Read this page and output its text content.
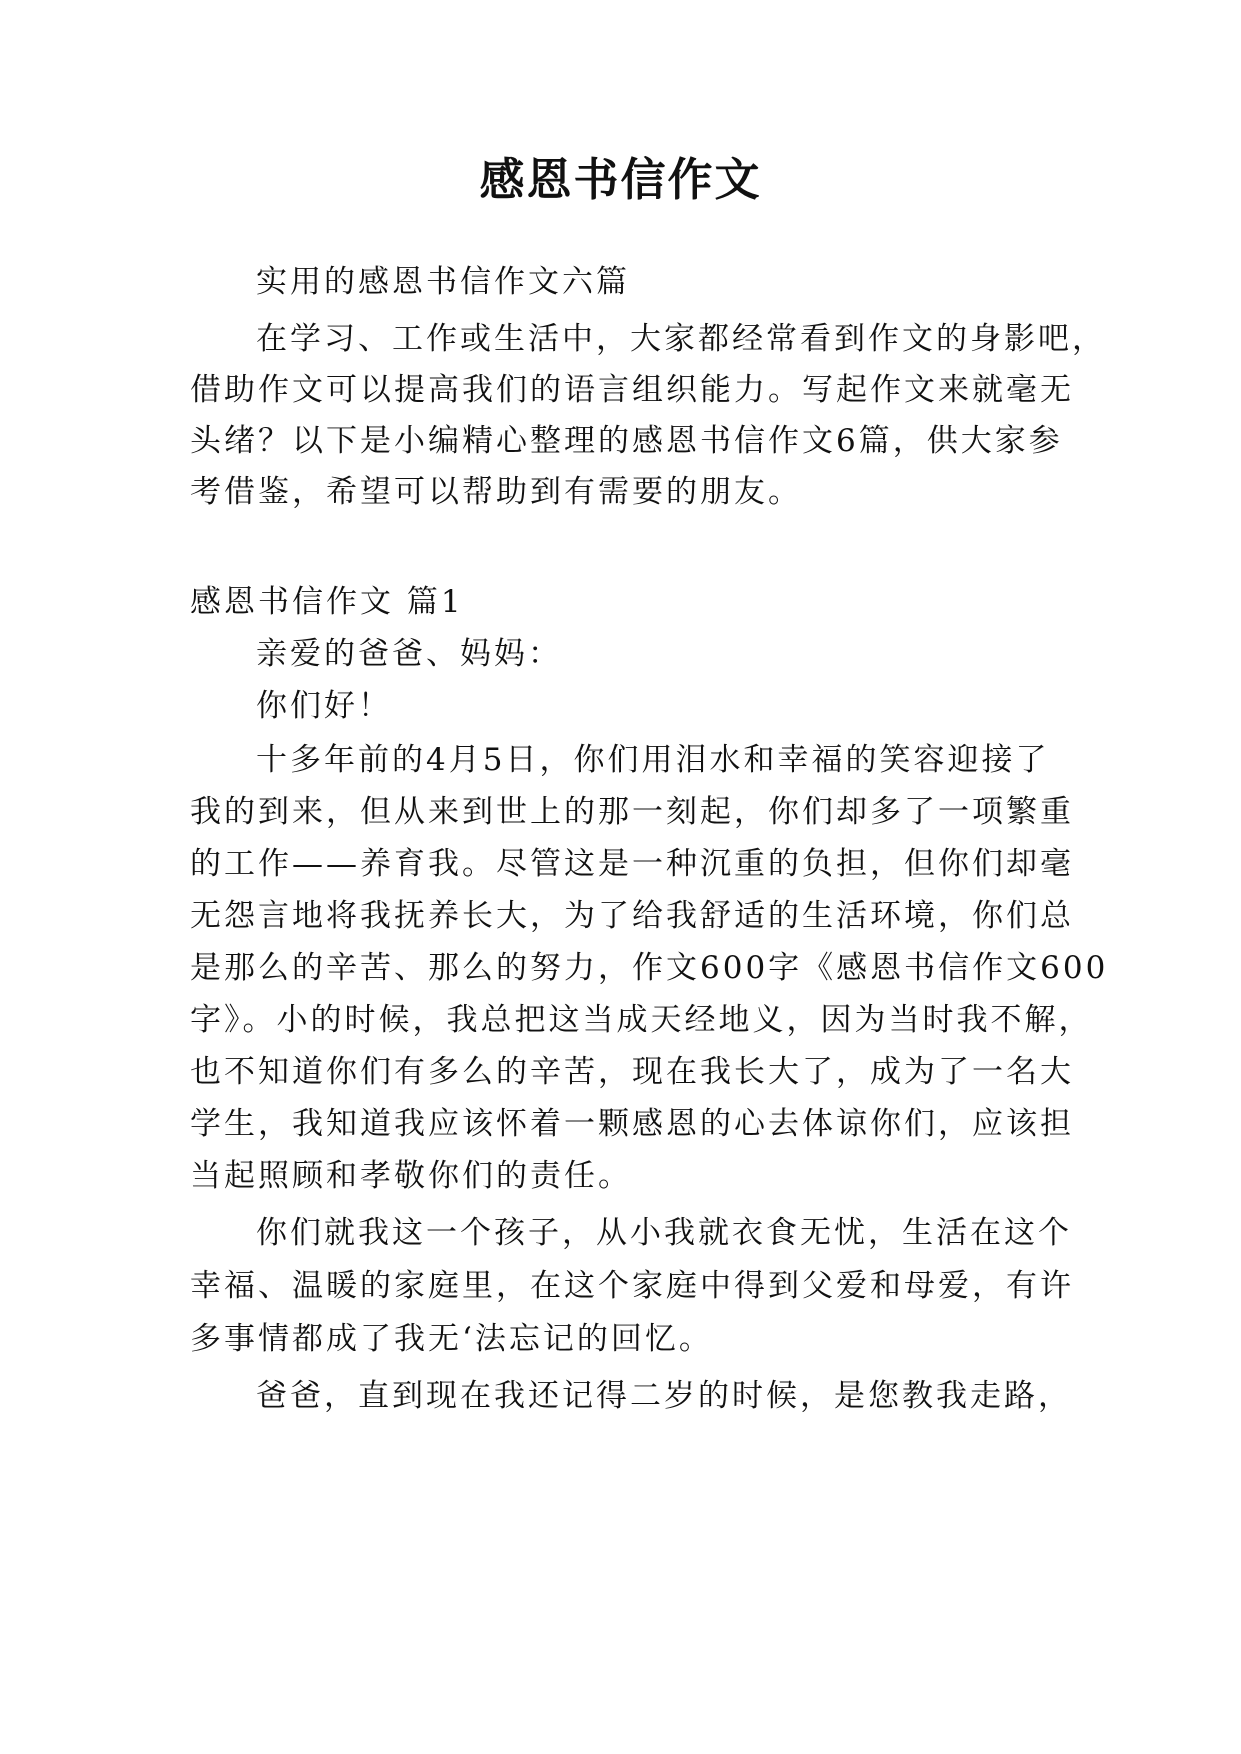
感恩书信作文

实用的感恩书信作文六篇

在学习、工作或生活中，大家都经常看到作文的身影吧，

借助作文可以提高我们的语言组织能力。写起作文来就毫无

头绪？以下是小编精心整理的感恩书信作文6篇，供大家参

考借鉴，希望可以帮助到有需要的朋友。

感恩书信作文 篇1

亲爱的爸爸、妈妈：

你们好！

十多年前的4月5日，你们用泪水和幸福的笑容迎接了

我的到来，但从来到世上的那一刻起，你们却多了一项繁重

的工作——养育我。尽管这是一种沉重的负担，但你们却毫

无怨言地将我抚养长大，为了给我舒适的生活环境，你们总

是那么的辛苦、那么的努力，作文600字《感恩书信作文600

字》。小的时候，我总把这当成天经地义，因为当时我不解，

也不知道你们有多么的辛苦，现在我长大了，成为了一名大

学生，我知道我应该怀着一颗感恩的心去体谅你们，应该担

当起照顾和孝敬你们的责任。

你们就我这一个孩子，从小我就衣食无忧，生活在这个

幸福、温暖的家庭里，在这个家庭中得到父爱和母爱，有许

多事情都成了我无‘法忘记的回忆。

爸爸，直到现在我还记得二岁的时候，是您教我走路，
